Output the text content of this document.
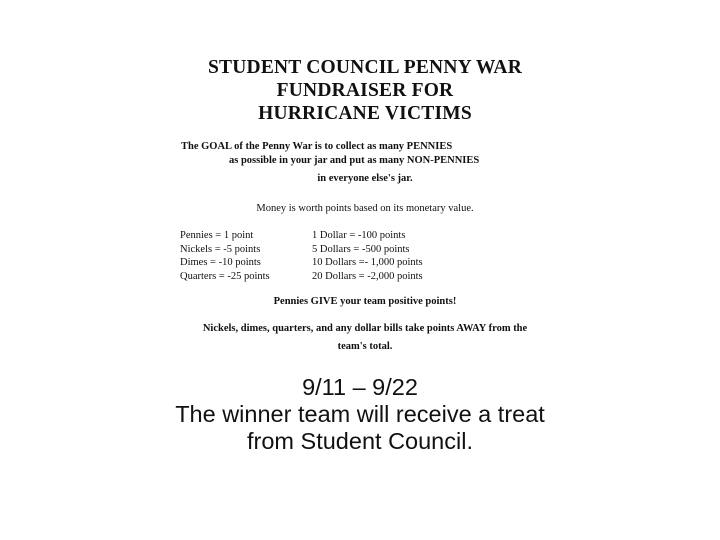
STUDENT COUNCIL PENNY WAR
FUNDRAISER FOR
HURRICANE VICTIMS
The GOAL of the Penny War is to collect as many PENNIES
as possible in your jar and put as many NON-PENNIES
in everyone else's jar.
Money is worth points based on its monetary value.
Pennies = 1 point
Nickels = -5 points
Dimes = -10 points
Quarters = -25 points
1 Dollar = -100 points
5 Dollars = -500 points
10 Dollars =- 1,000 points
20 Dollars = -2,000 points
Pennies GIVE your team positive points!
Nickels, dimes, quarters, and any dollar bills take points AWAY from the
team's total.
9/11 – 9/22
The winner team will receive a treat
from Student Council.
